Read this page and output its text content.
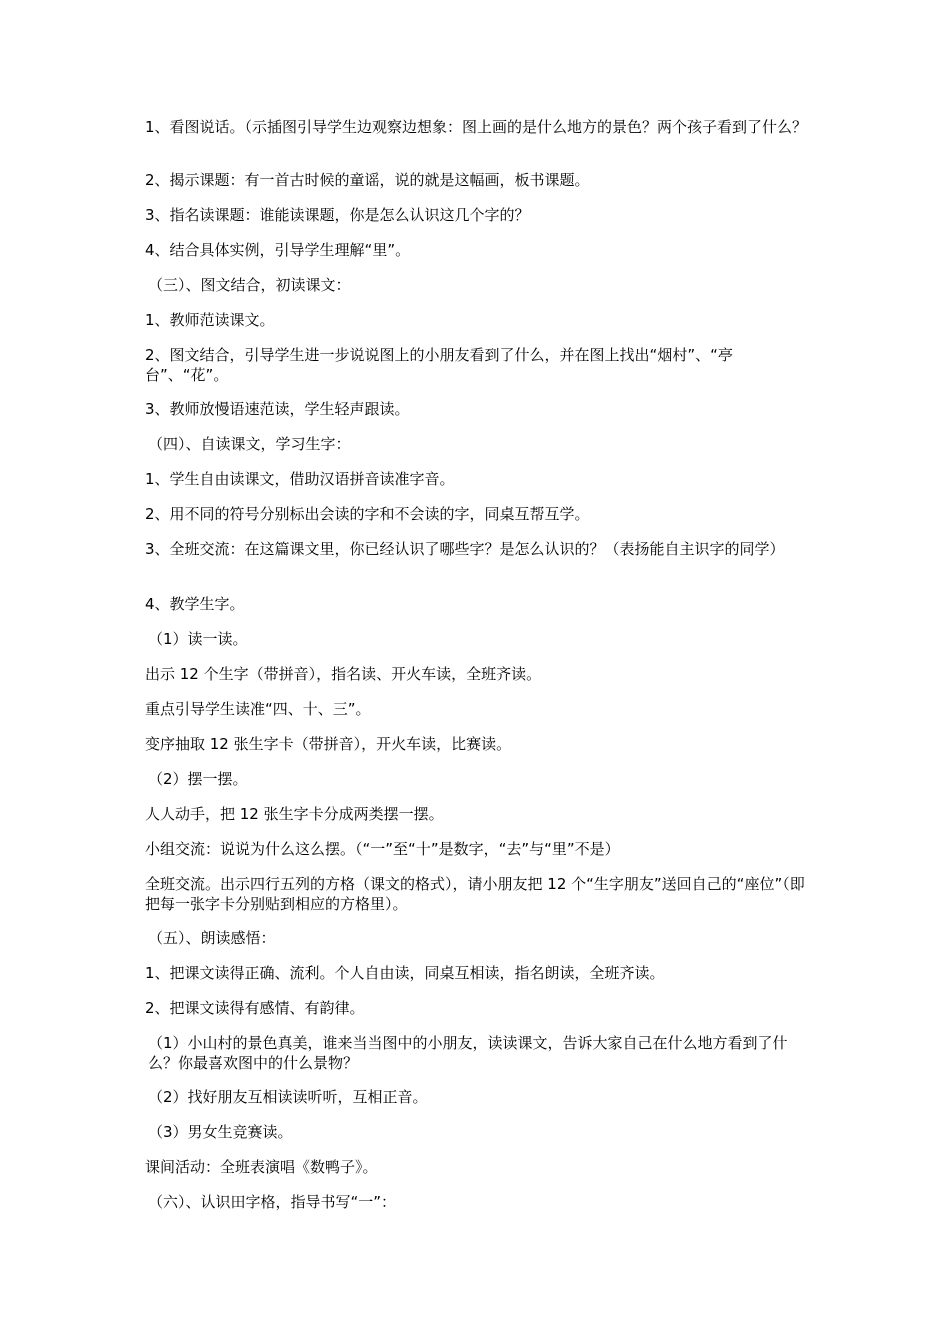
1、看图说话。（示插图引导学生边观察边想象：图上画的是什么地方的景色？两个孩子看到了什么？

2、揭示课题：有一首古时候的童谣，说的就是这幅画，板书课题。

3、指名读课题：谁能读课题，你是怎么认识这几个字的？

4、结合具体实例，引导学生理解“里”。

（三）、图文结合，初读课文：

1、教师范读课文。

2、图文结合，引导学生进一步说说图上的小朋友看到了什么，并在图上找出“烟村”、“亭台”、“花”。

3、教师放慢语速范读，学生轻声跟读。

（四）、自读课文，学习生字：

1、学生自由读课文，借助汉语拼音读准字音。

2、用不同的符号分别标出会读的字和不会读的字，同桌互帮互学。

3、全班交流：在这篇课文里，你已经认识了哪些字？是怎么认识的？（表扬能自主识字的同学）

4、教学生字。

（1）读一读。

出示 12 个生字（带拼音），指名读、开火车读，全班齐读。

重点引导学生读准“四、十、三”。

变序抽取 12 张生字卡（带拼音），开火车读，比赛读。

（2）摆一摆。

人人动手，把 12 张生字卡分成两类摆一摆。

小组交流：说说为什么这么摆。（“一”至“十”是数字，“去”与“里”不是）

全班交流。出示四行五列的方格（课文的格式），请小朋友把 12 个“生字朋友”送回自己的“座位”（即把每一张字卡分别贴到相应的方格里）。

（五）、朗读感悟：

1、把课文读得正确、流利。个人自由读，同桌互相读，指名朗读，全班齐读。

2、把课文读得有感情、有韵律。

（1）小山村的景色真美，谁来当当图中的小朋友，读读课文，告诉大家自己在什么地方看到了什么？你最喜欢图中的什么景物？

（2）找好朋友互相读读听听，互相正音。

（3）男女生竞赛读。

课间活动：全班表演唱《数鸭子》。

（六）、认识田字格，指导书写“一”：
